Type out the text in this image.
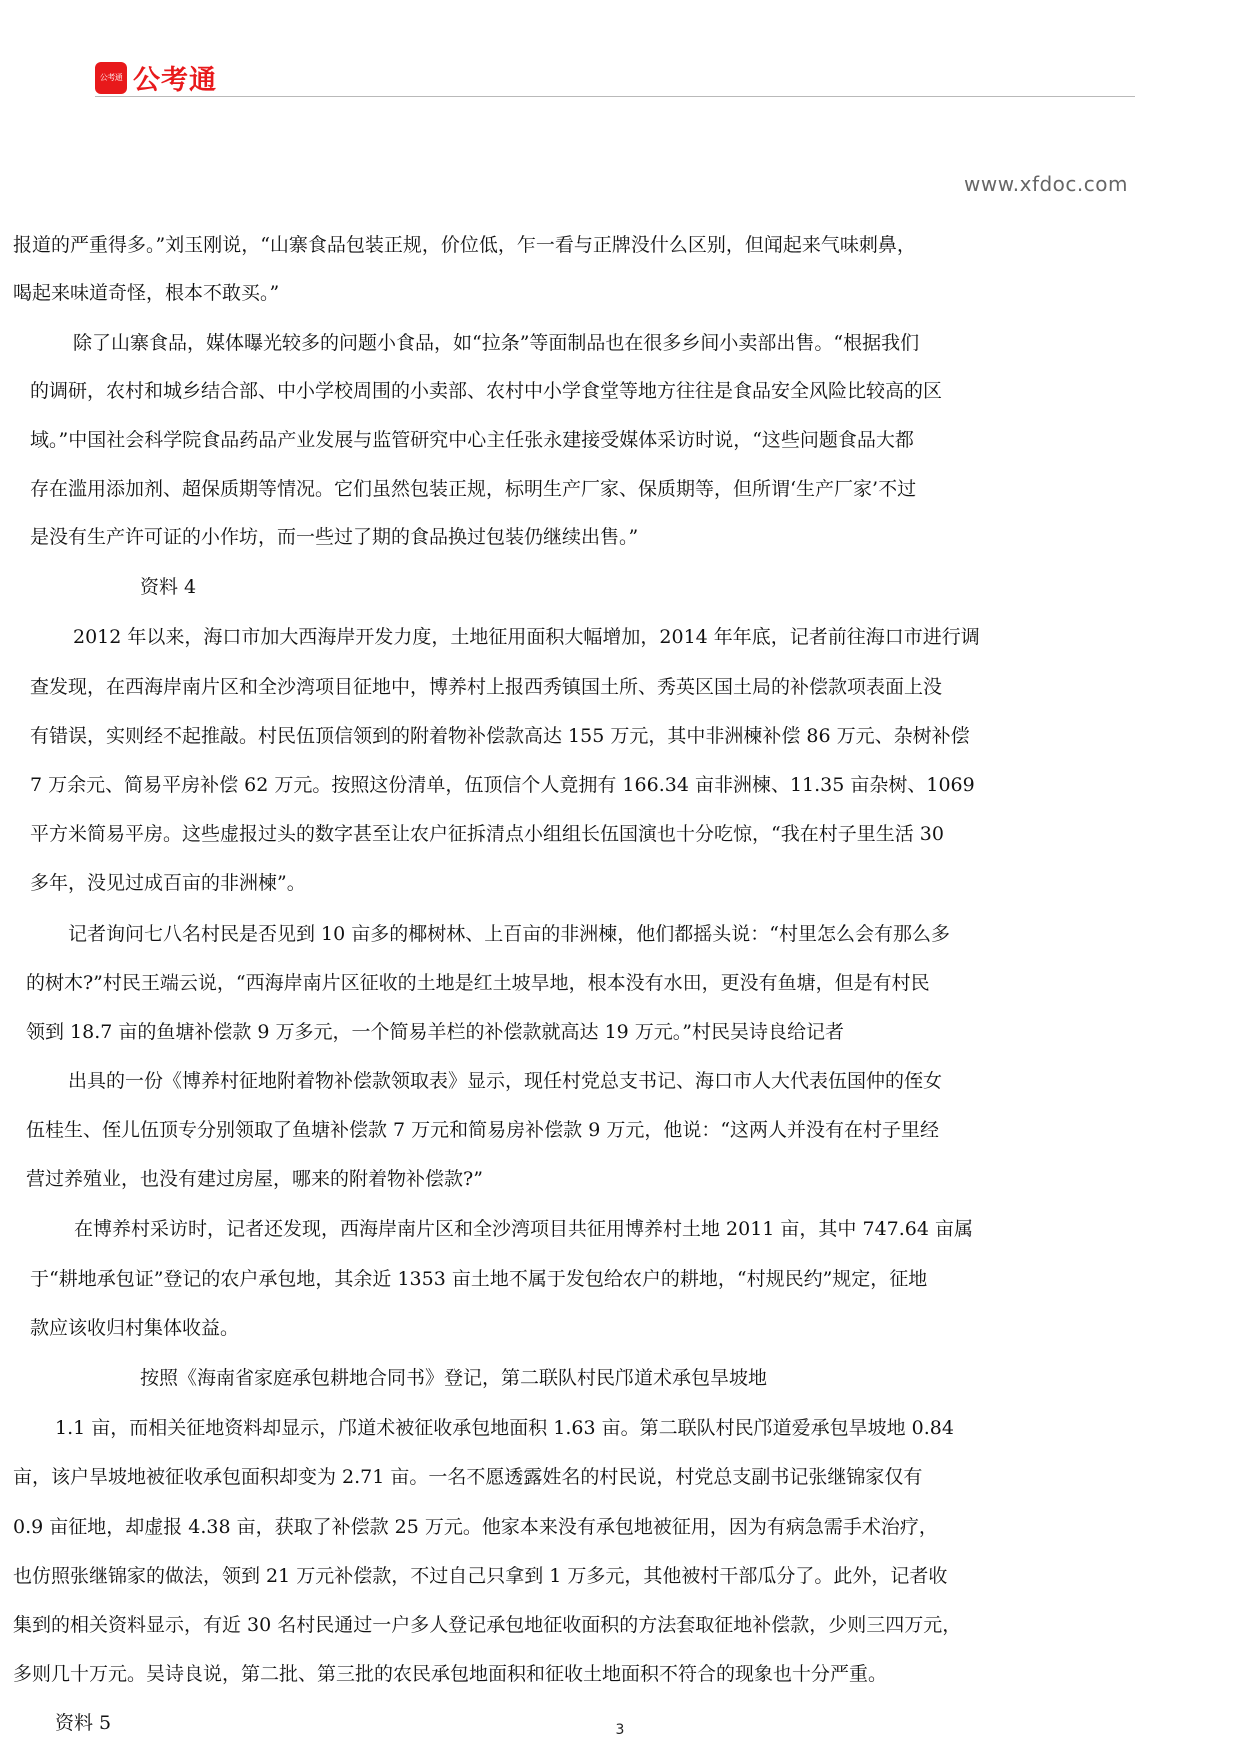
公考通 公考通
www.xfdoc.com
报道的严重得多。”刘玉刚说，“山寨食品包装正规，价位低，乍一看与正牌没什么区别，但闻起来气味刺鼻，
喝起来味道奇怪，根本不敢买。”
除了山寨食品，媒体曝光较多的问题小食品，如“拉条”等面制品也在很多乡间小卖部出售。“根据我们
的调研，农村和城乡结合部、中小学校周围的小卖部、农村中小学食堂等地方往往是食品安全风险比较高的区
域。”中国社会科学院食品药品产业发展与监管研究中心主任张永建接受媒体采访时说，“这些问题食品大都
存在滥用添加剂、超保质期等情况。它们虽然包装正规，标明生产厂家、保质期等，但所谓‘生产厂家’不过
是没有生产许可证的小作坊，而一些过了期的食品换过包装仍继续出售。”
资料 4
2012 年以来，海口市加大西海岸开发力度，土地征用面积大幅增加，2014 年年底，记者前往海口市进行调
查发现，在西海岸南片区和全沙湾项目征地中，博养村上报西秀镇国土所、秀英区国土局的补偿款项表面上没
有错误，实则经不起推敲。村民伍顶信领到的附着物补偿款高达 155 万元，其中非洲楝补偿 86 万元、杂树补偿
7 万余元、简易平房补偿 62 万元。按照这份清单，伍顶信个人竟拥有 166.34 亩非洲楝、11.35 亩杂树、1069
平方米简易平房。这些虚报过头的数字甚至让农户征拆清点小组组长伍国演也十分吃惊，“我在村子里生活 30
多年，没见过成百亩的非洲楝”。
记者询问七八名村民是否见到 10 亩多的椰树林、上百亩的非洲楝，他们都摇头说：“村里怎么会有那么多
的树木?”村民王端云说，“西海岸南片区征收的土地是红土坡旱地，根本没有水田，更没有鱼塘，但是有村民
领到 18.7 亩的鱼塘补偿款 9 万多元，一个简易羊栏的补偿款就高达 19 万元。”村民吴诗良给记者
出具的一份《博养村征地附着物补偿款领取表》显示，现任村党总支书记、海口市人大代表伍国仲的侄女
伍桂生、侄儿伍顶专分别领取了鱼塘补偿款 7 万元和简易房补偿款 9 万元，他说：“这两人并没有在村子里经
营过养殖业，也没有建过房屋，哪来的附着物补偿款?”
在博养村采访时，记者还发现，西海岸南片区和全沙湾项目共征用博养村土地 2011 亩，其中 747.64 亩属
于“耕地承包证”登记的农户承包地，其余近 1353 亩土地不属于发包给农户的耕地，“村规民约”规定，征地
款应该收归村集体收益。
按照《海南省家庭承包耕地合同书》登记，第二联队村民邝道术承包旱坡地
1.1 亩，而相关征地资料却显示，邝道术被征收承包地面积 1.63 亩。第二联队村民邝道爱承包旱坡地 0.84
亩，该户旱坡地被征收承包面积却变为 2.71 亩。一名不愿透露姓名的村民说，村党总支副书记张继锦家仅有
0.9 亩征地，却虚报 4.38 亩，获取了补偿款 25 万元。他家本来没有承包地被征用，因为有病急需手术治疗，
也仿照张继锦家的做法，领到 21 万元补偿款，不过自己只拿到 1 万多元，其他被村干部瓜分了。此外，记者收
集到的相关资料显示，有近 30 名村民通过一户多人登记承包地征收面积的方法套取征地补偿款，少则三四万元，
多则几十万元。吴诗良说，第二批、第三批的农民承包地面积和征收土地面积不符合的现象也十分严重。
资料 5	3
